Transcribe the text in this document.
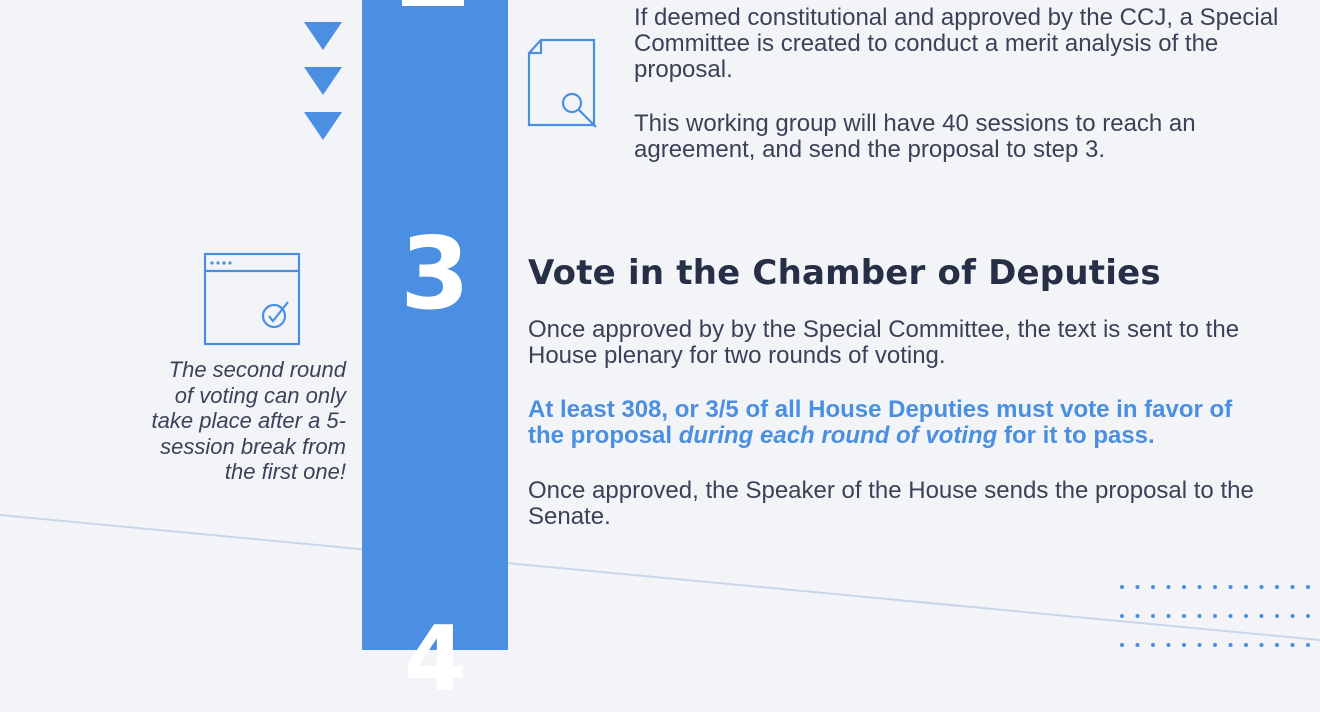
If deemed constitutional and approved by the CCJ, a Special Committee is created to conduct a merit analysis of the proposal.
This working group will have 40 sessions to reach an agreement, and send the proposal to step 3.
3
The second round of voting can only take place after a 5-session break from the first one!
Vote in the Chamber of Deputies
Once approved by by the Special Committee, the text is sent to the House plenary for two rounds of voting.
At least 308, or 3/5 of all House Deputies must vote in favor of the proposal during each round of voting for it to pass.
Once approved, the Speaker of the House sends the proposal to the Senate.
4
